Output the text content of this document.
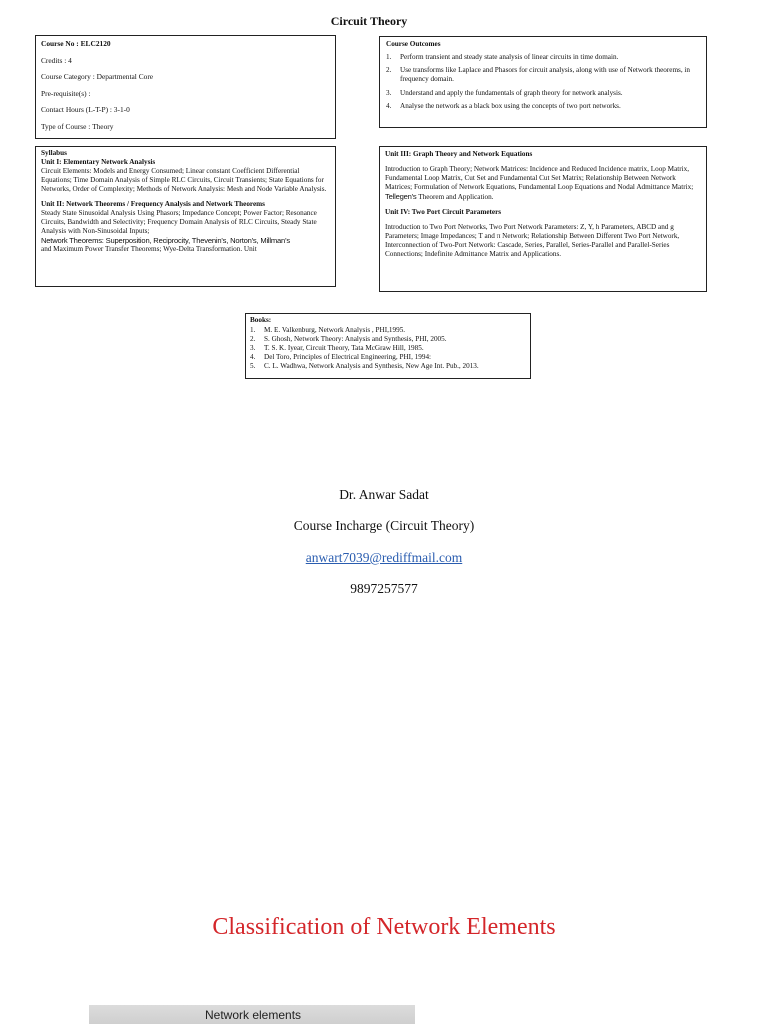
Circuit Theory
Course No : ELC2120
Credits : 4
Course Category : Departmental Core
Pre-requisite(s) :
Contact Hours (L-T-P) : 3-1-0
Type of Course : Theory
Course Outcomes
1.	Perform transient and steady state analysis of linear circuits in time domain.
2.	Use transforms like Laplace and Phasors for circuit analysis, along with use of Network theorems, in frequency domain.
3.	Understand and apply the fundamentals of graph theory for network analysis.
4.	Analyse the network as a black box using the concepts of two port networks.

Syllabus

Unit I: Elementary Network Analysis

Circuit Elements: Models and Energy Consumed; Linear constant Coefficient Differential Equations; Time Domain Analysis of Simple RLC Circuits, Circuit Transients; State Equations for Networks, Order of Complexity; Methods of Network Analysis: Mesh and Node Variable Analysis.

Unit II: Network Theorems / Frequency Analysis and Network Theorems

Steady State Sinusoidal Analysis Using Phasors; Impedance Concept; Power Factor; Resonance Circuits, Bandwidth and Selectivity; Frequency Domain Analysis of RLC Circuits, Steady State Analysis with Non-Sinusoidal Inputs;

Network Theorems: Superposition, Reciprocity, Thevenin's, Norton's, Millman's

and Maximum Power Transfer Theorems; Wye-Delta Transformation. Unit

Unit III: Graph Theory and Network Equations

Introduction to Graph Theory; Network Matrices: Incidence and Reduced Incidence matrix, Loop Matrix, Fundamental Loop Matrix, Cut Set and Fundamental Cut Set Matrix; Relationship Between Network Matrices; Formulation of Network Equations, Fundamental Loop Equations and Nodal Admittance Matrix; Tellegen's Theorem and Application.

Unit IV: Two Port Circuit Parameters

Introduction to Two Port Networks, Two Port Network Parameters: Z, Y, h Parameters, ABCD and g Parameters; Image Impedances; T and π Network; Relationship Between Different Two Port Network, Interconnection of Two-Port Network: Cascade, Series, Parallel, Series-Parallel and Parallel-Series Connections; Indefinite Admittance Matrix and Applications.

Books:
1.	M. E. Valkenburg, Network Analysis , PHI,1995.
2.	S. Ghosh, Network Theory: Analysis and Synthesis, PHI, 2005.
3.	T. S. K. Iyear, Circuit Theory, Tata McGraw Hill, 1985.
4.	Del Toro, Principles of Electrical Engineering, PHI, 1994:
5.	C. L. Wadhwa, Network Analysis and Synthesis, New Age Int. Pub., 2013.
Dr. Anwar Sadat
Course Incharge (Circuit Theory)
anwart7039@rediffmail.com
9897257577
Classification of Network Elements
Network elements
